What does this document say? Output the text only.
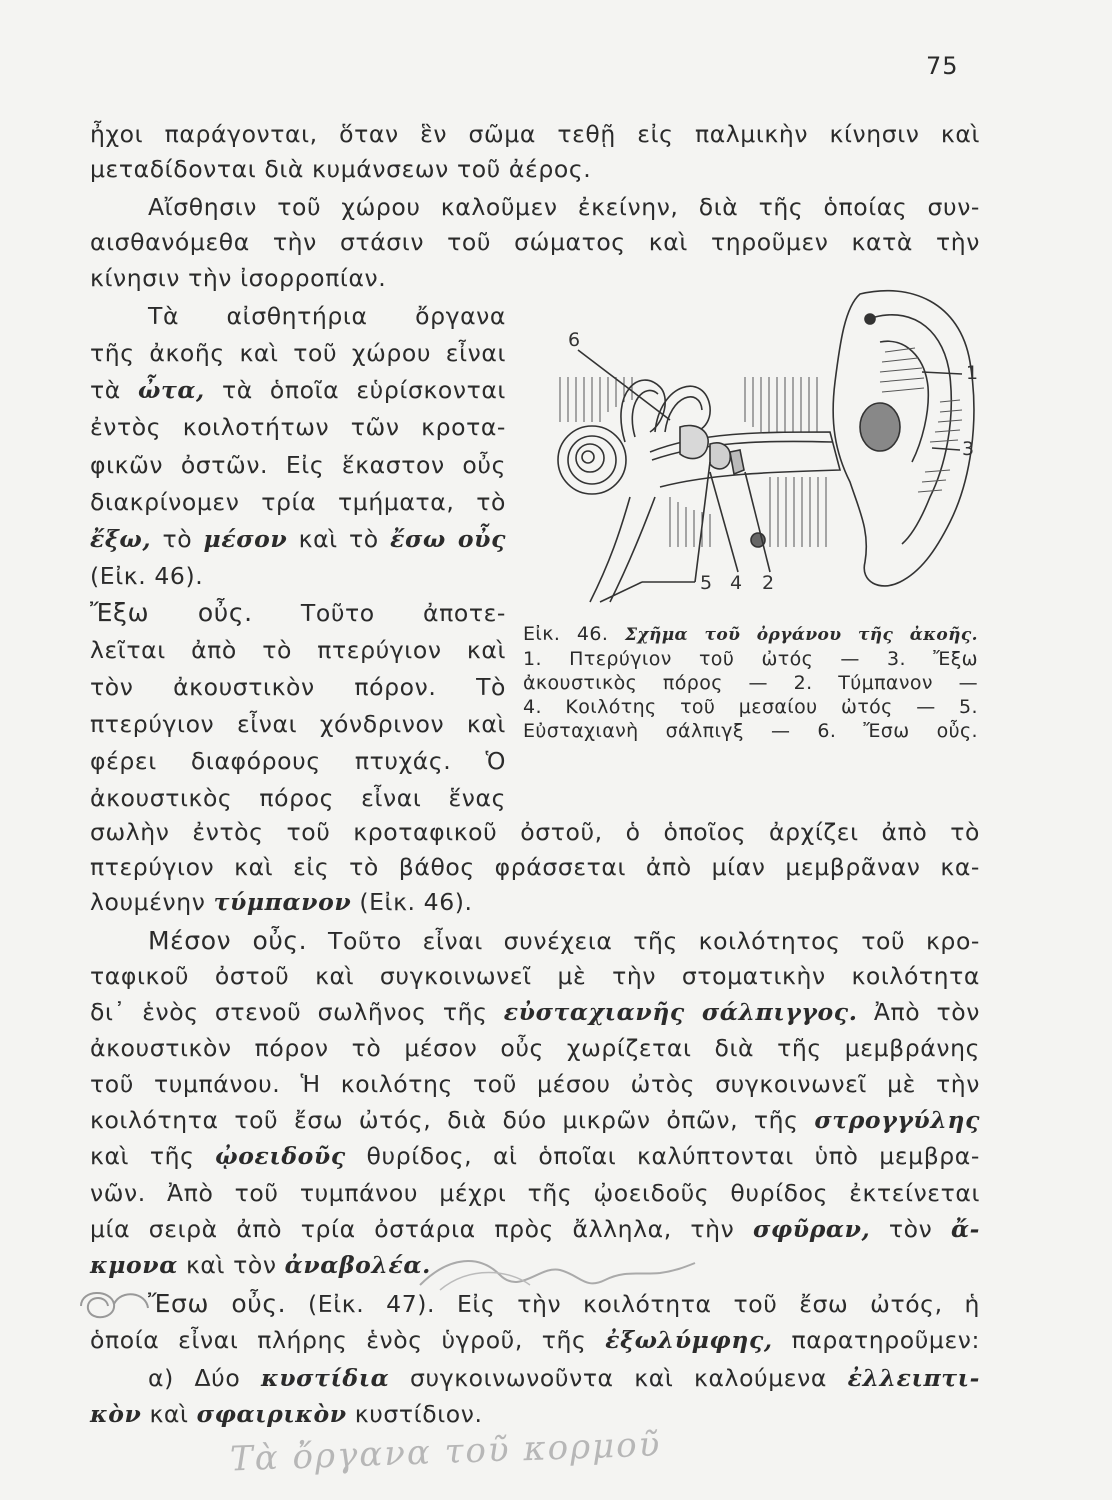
75
ἦχοι παράγονται, ὅταν ἓν σῶμα τεθῇ εἰς παλμικὴν κίνησιν καὶ
μεταδίδονται διὰ κυμάνσεων τοῦ ἀέρος.
Αἴσθησιν τοῦ χώρου καλοῦμεν ἐκείνην, διὰ τῆς ὁποίας συν-
αισθανόμεθα τὴν στάσιν τοῦ σώματος καὶ τηροῦμεν κατὰ τὴν
κίνησιν τὴν ἰσορροπίαν.
Τὰ αἰσθητήρια ὄργανα
τῆς ἀκοῆς καὶ τοῦ χώρου εἶναι
τὰ ὦτα, τὰ ὁποῖα εὑρίσκονται
ἐντὸς κοιλοτήτων τῶν κροτα-
φικῶν ὀστῶν. Εἰς ἕκαστον οὖς
διακρίνομεν τρία τμήματα, τὸ
ἔξω, τὸ μέσον καὶ τὸ ἔσω οὖς
(Εἰκ. 46).
Ἔξω οὖς. Τοῦτο ἀποτε-
λεῖται ἀπὸ τὸ πτερύγιον καὶ
τὸν ἀκουστικὸν πόρον. Τὸ
πτερύγιον εἶναι χόνδρινον καὶ
φέρει διαφόρους πτυχάς. Ὁ
ἀκουστικὸς πόρος εἶναι ἕνας
6
1
3
5 4 2
Εἰκ. 46. Σχῆμα τοῦ ὀργάνου τῆς ἀκοῆς.
1. Πτερύγιον τοῦ ὠτός — 3. Ἔξω
ἀκουστικὸς πόρος — 2. Τύμπανον —
4. Κοιλότης τοῦ μεσαίου ὠτός — 5.
Εὐσταχιανὴ σάλπιγξ — 6. Ἔσω οὖς.
σωλὴν ἐντὸς τοῦ κροταφικοῦ ὀστοῦ, ὁ ὁποῖος ἀρχίζει ἀπὸ τὸ
πτερύγιον καὶ εἰς τὸ βάθος φράσσεται ἀπὸ μίαν μεμβρᾶναν κα-
λουμένην τύμπανον (Εἰκ. 46).
Μέσον οὖς. Τοῦτο εἶναι συνέχεια τῆς κοιλότητος τοῦ κρο-
ταφικοῦ ὀστοῦ καὶ συγκοινωνεῖ μὲ τὴν στοματικὴν κοιλότητα
δι᾿ ἑνὸς στενοῦ σωλῆνος τῆς εὐσταχιανῆς σάλπιγγος. Ἀπὸ τὸν
ἀκουστικὸν πόρον τὸ μέσον οὖς χωρίζεται διὰ τῆς μεμβράνης
τοῦ τυμπάνου. Ἡ κοιλότης τοῦ μέσου ὠτὸς συγκοινωνεῖ μὲ τὴν
κοιλότητα τοῦ ἔσω ὠτός, διὰ δύο μικρῶν ὀπῶν, τῆς στρογγύλης
καὶ τῆς ᾠοειδοῦς θυρίδος, αἱ ὁποῖαι καλύπτονται ὑπὸ μεμβρα-
νῶν. Ἀπὸ τοῦ τυμπάνου μέχρι τῆς ᾠοειδοῦς θυρίδος ἐκτείνεται
μία σειρὰ ἀπὸ τρία ὀστάρια πρὸς ἄλληλα, τὴν σφῦραν, τὸν ἄ-
κμονα καὶ τὸν ἀναβολέα.
Ἔσω οὖς. (Εἰκ. 47). Εἰς τὴν κοιλότητα τοῦ ἔσω ὠτός, ἡ
ὁποία εἶναι πλήρης ἑνὸς ὑγροῦ, τῆς ἐξωλύμφης, παρατηροῦμεν:
α) Δύο κυστίδια συγκοινωνοῦντα καὶ καλούμενα ἐλλειπτι-
κὸν καὶ σφαιρικὸν κυστίδιον.
Τὰ ὄργανα τοῦ κορμοῦ
